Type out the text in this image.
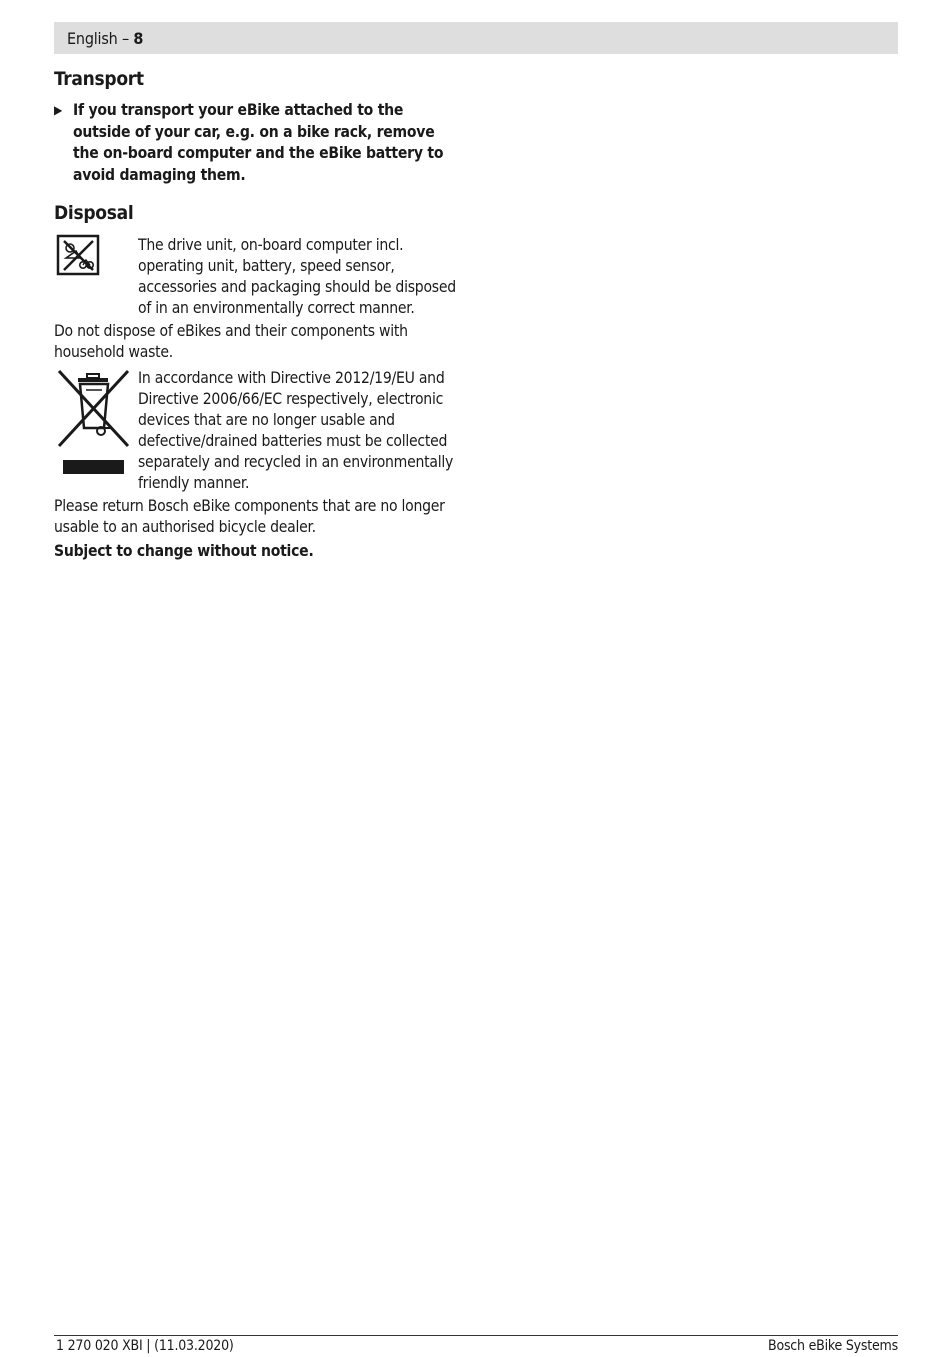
English – 8
Transport
▶ If you transport your eBike attached to the outside of your car, e.g. on a bike rack, remove the on-board computer and the eBike battery to avoid damaging them.
Disposal
The drive unit, on-board computer incl. operating unit, battery, speed sensor, accessories and packaging should be disposed of in an environmentally correct manner.
Do not dispose of eBikes and their components with household waste.
In accordance with Directive 2012/19/EU and Directive 2006/66/EC respectively, electronic devices that are no longer usable and defective/drained batteries must be collected separately and recycled in an environmentally friendly manner.
Please return Bosch eBike components that are no longer usable to an authorised bicycle dealer.
Subject to change without notice.
1 270 020 XBI | (11.03.2020)	Bosch eBike Systems
